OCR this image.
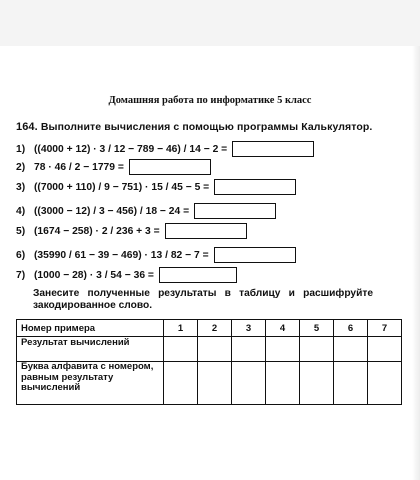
Домашняя работа по информатике 5 класс
164. Выполните вычисления с помощью программы Калькулятор.
1) ((4000 + 12) · 3 / 12 − 789 − 46) / 14 − 2 =
2) 78 · 46 / 2 − 1779 =
3) ((7000 + 110) / 9 − 751) · 15 / 45 − 5 =
4) ((3000 − 12) / 3 − 456) / 18 − 24 =
5) (1674 − 258) · 2 / 236 + 3 =
6) (35990 / 61 − 39 − 469) · 13 / 82 − 7 =
7) (1000 − 28) · 3 / 54 − 36 =
Занесите полученные результаты в таблицу и расшифруйте закодированное слово.
Номер примера	1	2	3	4	5	6	7
Результат вычислений							
Буква алфавита с номером, равным результату вычислений							
